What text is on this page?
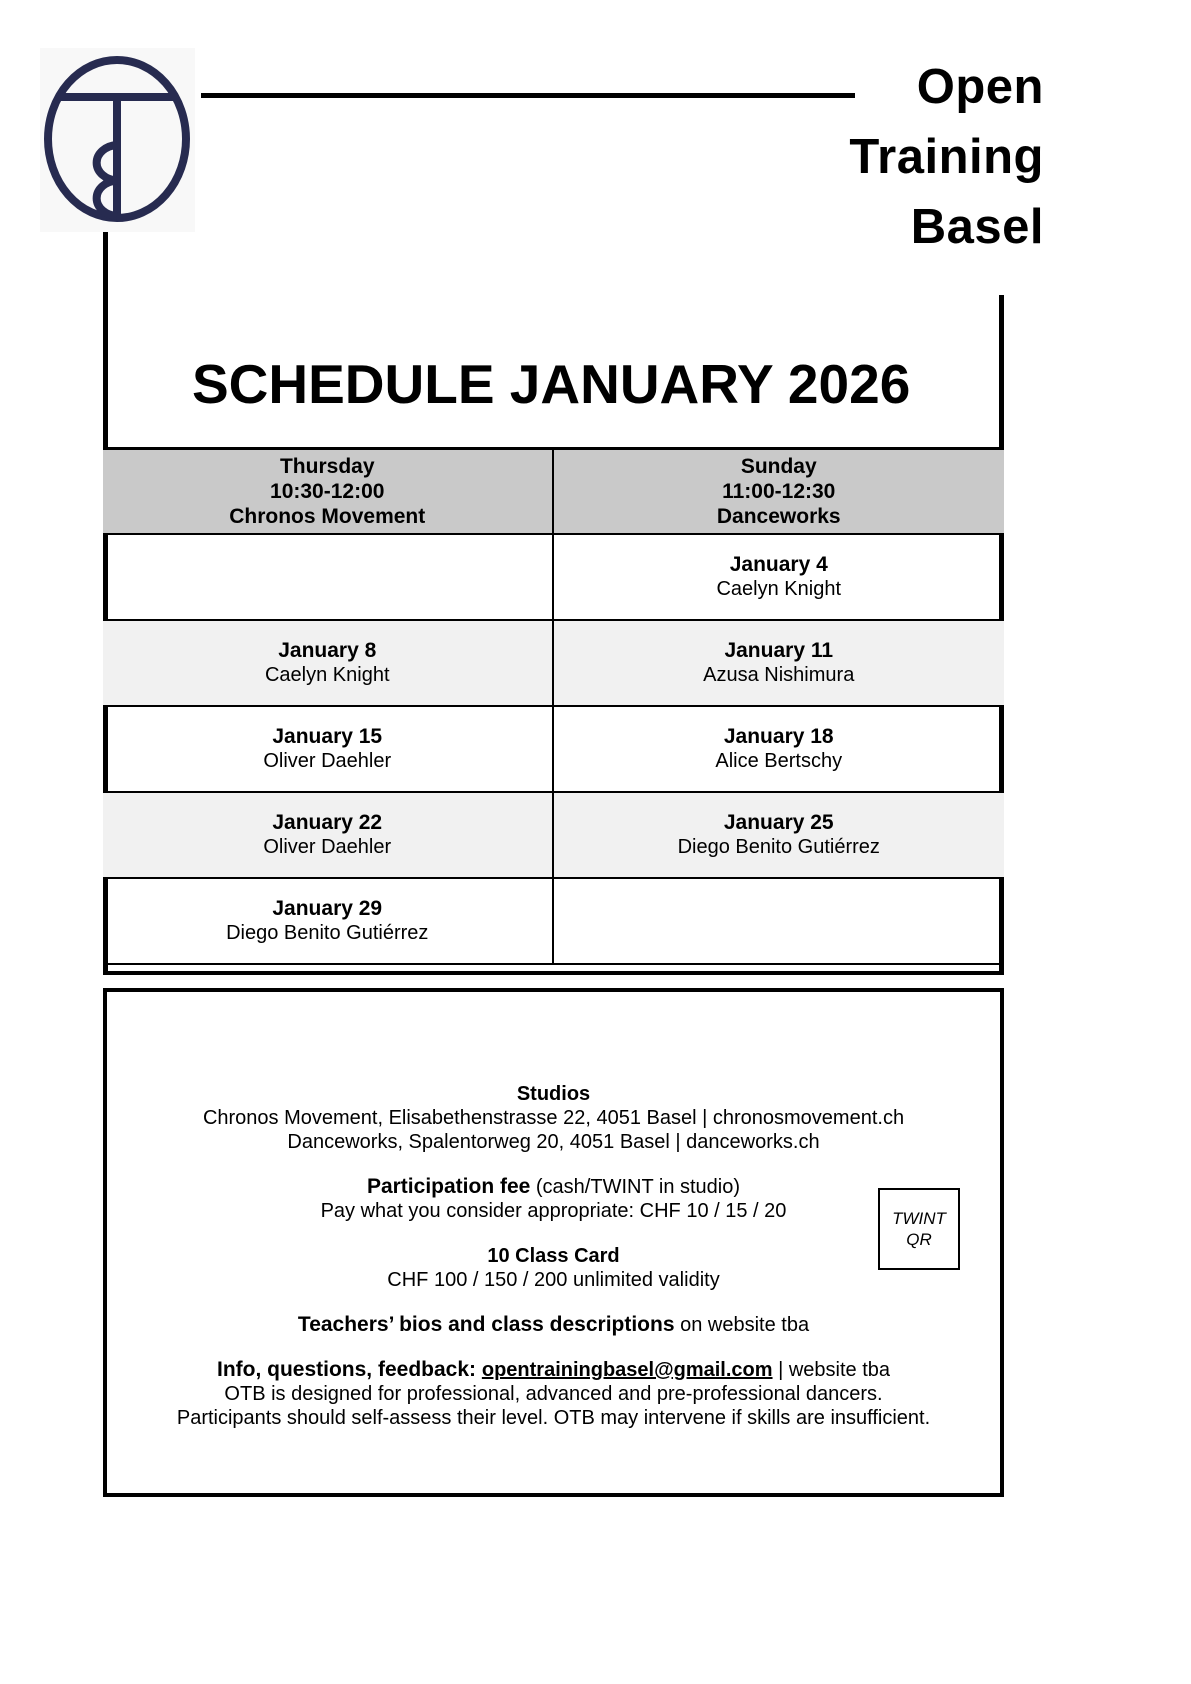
Open
Training
Basel
SCHEDULE JANUARY 2026
Thursday
10:30-12:00
Chronos Movement
Sunday
11:00-12:30
Danceworks
January 4
Caelyn Knight
January 8
Caelyn Knight
January 11
Azusa Nishimura
January 15
Oliver Daehler
January 18
Alice Bertschy
January 22
Oliver Daehler
January 25
Diego Benito Gutiérrez
January 29
Diego Benito Gutiérrez

Studios

Chronos Movement, Elisabethenstrasse 22, 4051 Basel | chronosmovement.ch

Danceworks, Spalentorweg 20, 4051 Basel | danceworks.ch

Participation fee (cash/TWINT in studio)

Pay what you consider appropriate: CHF 10 / 15 / 20

10 Class Card

CHF 100 / 150 / 200 unlimited validity

Teachers’ bios and class descriptions on website tba

Info, questions, feedback: opentrainingbasel@gmail.com | website tba

OTB is designed for professional, advanced and pre-professional dancers.

Participants should self-assess their level. OTB may intervene if skills are insufficient.

TWINT
QR
